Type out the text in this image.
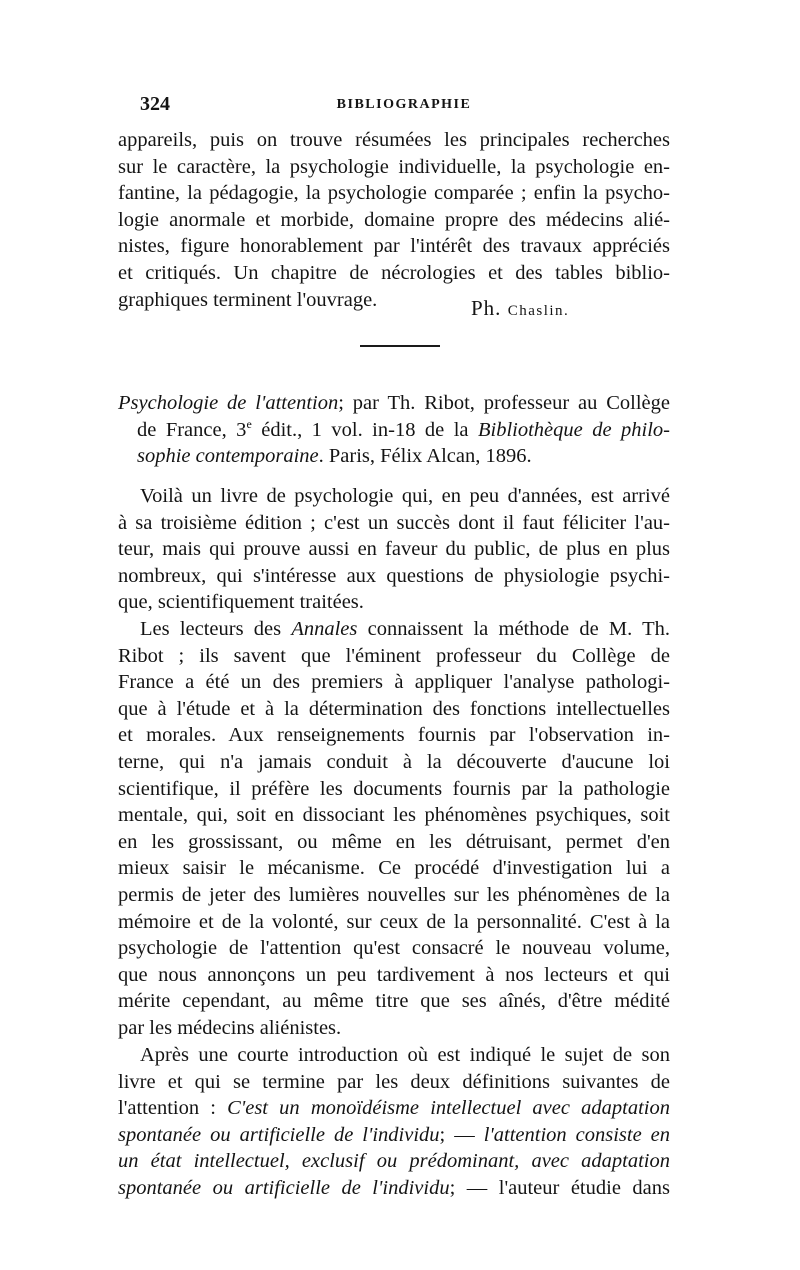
324	BIBLIOGRAPHIE
appareils, puis on trouve résumées les principales recherches
sur le caractère, la psychologie individuelle, la psychologie en-
fantine, la pédagogie, la psychologie comparée ; enfin la psycho-
logie anormale et morbide, domaine propre des médecins alié-
nistes, figure honorablement par l'intérêt des travaux appréciés
et critiqués. Un chapitre de nécrologies et des tables biblio-
graphiques terminent l'ouvrage.	Ph. Chaslin.
Psychologie de l'attention; par Th. Ribot, professeur au Collège
de France, 3e édit., 1 vol. in-18 de la Bibliothèque de philo-
sophie contemporaine. Paris, Félix Alcan, 1896.
Voilà un livre de psychologie qui, en peu d'années, est arrivé
à sa troisième édition ; c'est un succès dont il faut féliciter l'au-
teur, mais qui prouve aussi en faveur du public, de plus en plus
nombreux, qui s'intéresse aux questions de physiologie psychi-
que, scientifiquement traitées.
Les lecteurs des Annales connaissent la méthode de M. Th.
Ribot ; ils savent que l'éminent professeur du Collège de
France a été un des premiers à appliquer l'analyse pathologi-
que à l'étude et à la détermination des fonctions intellectuelles
et morales. Aux renseignements fournis par l'observation in-
terne, qui n'a jamais conduit à la découverte d'aucune loi
scientifique, il préfère les documents fournis par la pathologie
mentale, qui, soit en dissociant les phénomènes psychiques, soit
en les grossissant, ou même en les détruisant, permet d'en
mieux saisir le mécanisme. Ce procédé d'investigation lui a
permis de jeter des lumières nouvelles sur les phénomènes de la
mémoire et de la volonté, sur ceux de la personnalité. C'est à la
psychologie de l'attention qu'est consacré le nouveau volume,
que nous annonçons un peu tardivement à nos lecteurs et qui
mérite cependant, au même titre que ses aînés, d'être médité
par les médecins aliénistes.
Après une courte introduction où est indiqué le sujet de son
livre et qui se termine par les deux définitions suivantes de
l'attention : C'est un monoïdéisme intellectuel avec adaptation
spontanée ou artificielle de l'individu; — l'attention consiste en
un état intellectuel, exclusif ou prédominant, avec adaptation
spontanée ou artificielle de l'individu; — l'auteur étudie dans
